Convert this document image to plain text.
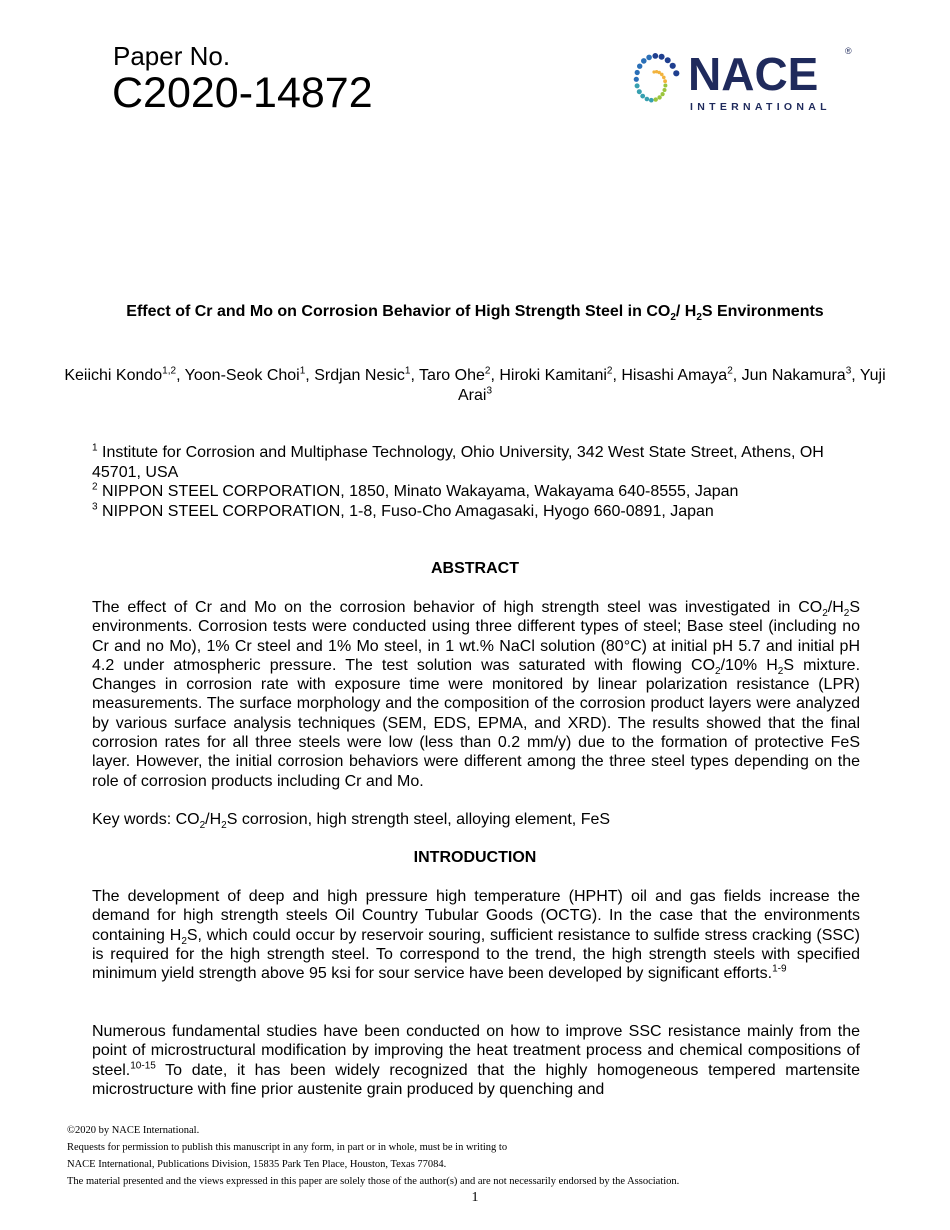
Paper No.
C2020-14872	NACE
INTERNATIONAL
®
Effect of Cr and Mo on Corrosion Behavior of High Strength Steel in $CO_2/$ $H_2S$ Environments
Keiichi Kondo$^{1,2}$, Yoon-Seok Choi$^1$, Srdjan Nesic$^1$, Taro Ohe$^2$, Hiroki Kamitani$^2$, Hisashi Amaya$^2$, Jun Nakamura$^3$, Yuji Arai$^3$

$^1$ Institute for Corrosion and Multiphase Technology, Ohio University, 342 West State Street, Athens, OH 45701, USA

$^2$ NIPPON STEEL CORPORATION, 1850, Minato Wakayama, Wakayama 640-8555, Japan

$^3$ NIPPON STEEL CORPORATION, 1-8, Fuso-Cho Amagasaki, Hyogo 660-0891, Japan

ABSTRACT

The effect of Cr and Mo on the corrosion behavior of high strength steel was investigated in $CO_2/H_2S$ environments. Corrosion tests were conducted using three different types of steel; Base steel (including no Cr and no Mo), 1% Cr steel and 1% Mo steel, in 1 wt.% NaCl solution (80°C) at initial pH 5.7 and initial pH 4.2 under atmospheric pressure. The test solution was saturated with flowing $CO_2/10\%$ $H_2S$ mixture. Changes in corrosion rate with exposure time were monitored by linear polarization resistance (LPR) measurements. The surface morphology and the composition of the corrosion product layers were analyzed by various surface analysis techniques (SEM, EDS, EPMA, and XRD). The results showed that the final corrosion rates for all three steels were low (less than 0.2 mm/y) due to the formation of protective FeS layer. However, the initial corrosion behaviors were different among the three steel types depending on the role of corrosion products including Cr and Mo.

Key words: $CO_2/H_2S$ corrosion, high strength steel, alloying element, FeS
INTRODUCTION

The development of deep and high pressure high temperature (HPHT) oil and gas fields increase the demand for high strength steels Oil Country Tubular Goods (OCTG). In the case that the environments containing $H_2S$, which could occur by reservoir souring, sufficient resistance to sulfide stress cracking (SSC) is required for the high strength steel. To correspond to the trend, the high strength steels with specified minimum yield strength above 95 ksi for sour service have been developed by significant efforts.$^{1-9}$

Numerous fundamental studies have been conducted on how to improve SSC resistance mainly from the point of microstructural modification by improving the heat treatment process and chemical compositions of steel.$^{10-15}$ To date, it has been widely recognized that the highly homogeneous tempered martensite microstructure with fine prior austenite grain produced by quenching and

©2020 by NACE International.

Requests for permission to publish this manuscript in any form, in part or in whole, must be in writing to

NACE International, Publications Division, 15835 Park Ten Place, Houston, Texas 77084.

The material presented and the views expressed in this paper are solely those of the author(s) and are not necessarily endorsed by the Association.

1
